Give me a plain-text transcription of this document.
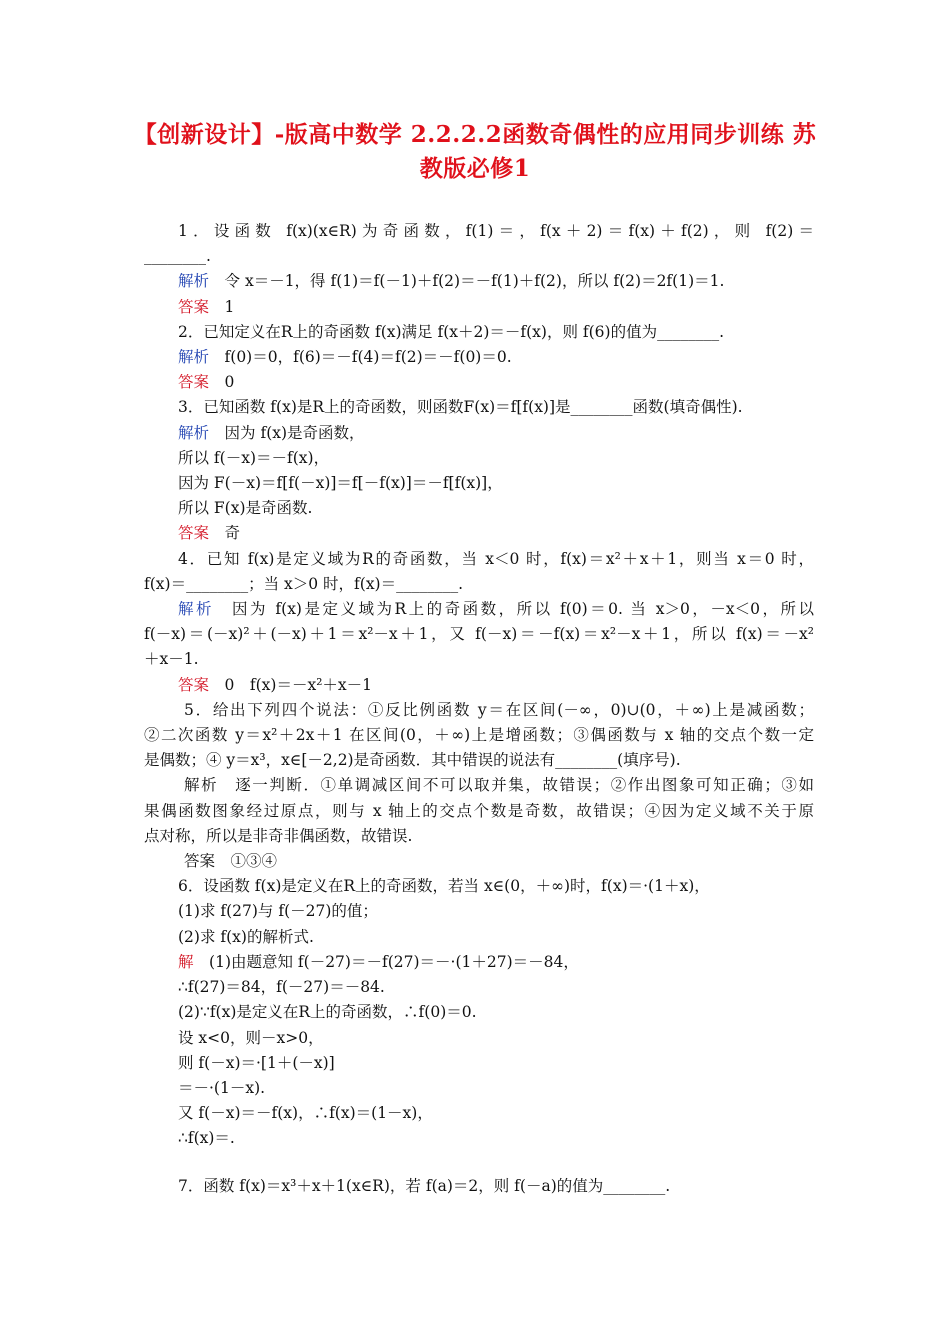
【创新设计】-版高中数学 2.2.2.2函数奇偶性的应用同步训练 苏
教版必修1
1．设函数 f(x)(x∈R)为奇函数，f(1)＝，f(x＋2)＝f(x)＋f(2)，则 f(2)＝
________.
解析　 令 x＝－1，得 f(1)＝f(－1)＋f(2)＝－f(1)＋f(2)，所以 f(2)＝2f(1)＝1.
答案　 1
2．已知定义在R上的奇函数 f(x)满足 f(x＋2)＝－f(x)，则 f(6)的值为________.
解析　 f(0)＝0，f(6)＝－f(4)＝f(2)＝－f(0)＝0.
答案　 0
3．已知函数 f(x)是R上的奇函数，则函数F(x)＝f[f(x)]是________函数(填奇偶性).
解析　 因为 f(x)是奇函数，
所以 f(－x)＝－f(x)，
因为 F(－x)＝f[f(－x)]＝f[－f(x)]＝－f[f(x)]，
所以 F(x)是奇函数.
答案　 奇
4．已知 f(x)是定义域为R的奇函数，当 x＜0 时，f(x)＝x²＋x＋1，则当 x＝0 时，
f(x)＝________；当 x＞0 时，f(x)＝________.
解析　 因为 f(x)是定义域为R上的奇函数，所以 f(0)＝0. 当 x＞0，－x＜0，所以
f(－x)＝(－x)²＋(－x)＋1＝x²－x＋1，又 f(－x)＝－f(x)＝x²－x＋1，所以 f(x)＝－x²
＋x－1.
答案　 0　f(x)＝－x²＋x－1
5．给出下列四个说法：①反比例函数 y＝在区间(－∞，0)∪(0，＋∞)上是减函数；
②二次函数 y＝x²＋2x＋1 在区间(0，＋∞)上是增函数；③偶函数与 x 轴的交点个数一定
是偶数；④ y＝x³，x∈[－2,2)是奇函数．其中错误的说法有________(填序号).
解析　 逐一判断．①单调减区间不可以取并集，故错误；②作出图象可知正确；③如
果偶函数图象经过原点，则与 x 轴上的交点个数是奇数，故错误；④因为定义域不关于原
点对称，所以是非奇非偶函数，故错误.
答案　 ①③④
6．设函数 f(x)是定义在R上的奇函数，若当 x∈(0，＋∞)时，f(x)＝·(1＋x)，
(1)求 f(27)与 f(－27)的值；
(2)求 f(x)的解析式.
解　 (1)由题意知 f(－27)＝－f(27)＝－·(1＋27)＝－84，
∴f(27)＝84，f(－27)＝－84.
(2)∵f(x)是定义在R上的奇函数，∴f(0)＝0.
设 x<0，则－x>0，
则 f(－x)＝·[1＋(－x)]
＝－·(1－x).
又 f(－x)＝－f(x)，∴f(x)＝(1－x)，
∴f(x)＝.
7．函数 f(x)＝x³＋x＋1(x∈R)，若 f(a)＝2，则 f(－a)的值为________.
